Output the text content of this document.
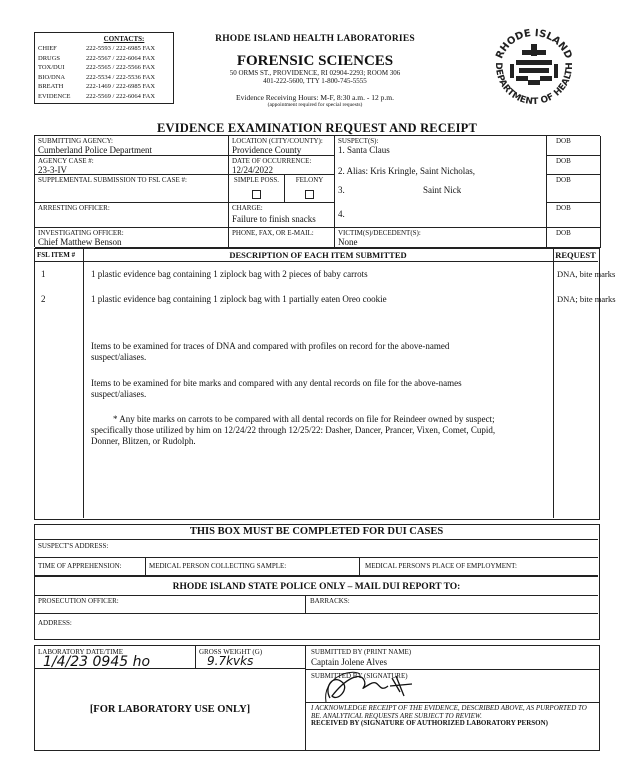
CONTACTS:
CHIEF	222-5593 / 222-6985 FAX
DRUGS	222-5567 / 222-6064 FAX
TOX/DUI	222-5565 / 222-5566 FAX
BIO/DNA	222-5534 / 222-5536 FAX
BREATH	222-1469 / 222-6985 FAX
EVIDENCE	222-5569 / 222-6064 FAX
RHODE ISLAND HEALTH LABORATORIES
FORENSIC SCIENCES
50 ORMS ST., PROVIDENCE, RI 02904-2293; ROOM 306
401-222-5600, TTY 1-800-745-5555
Evidence Receiving Hours: M-F, 8:30 a.m. - 12 p.m.
(appointment required for special requests)
RHODE ISLAND
DEPARTMENT OF HEALTH
EVIDENCE EXAMINATION REQUEST AND RECEIPT
SUBMITTING AGENCY:
Cumberland Police Department
LOCATION (CITY/COUNTY):
Providence County
AGENCY CASE #:
23-3-IV
DATE OF OCCURRENCE:
12/24/2022
SUPPLEMENTAL SUBMISSION TO FSL CASE #:	SIMPLE POSS.	FELONY
ARRESTING OFFICER:	CHARGE:
Failure to finish snacks
INVESTIGATING OFFICER:
Chief Matthew Benson
PHONE, FAX, OR E-MAIL:
SUSPECT(S):
1. Santa Claus
2. Alias: Kris Kringle, Saint Nicholas,
3.	Saint Nick
4.
VICTIM(S)/DECEDENT(S):
None
DOB
DOB
DOB
DOB
DOB
FSL ITEM #	DESCRIPTION OF EACH ITEM SUBMITTED	REQUEST
1	1 plastic evidence bag containing 1 ziplock bag with 2 pieces of baby carrots	DNA, bite marks
2	1 plastic evidence bag containing 1 ziplock bag with 1 partially eaten Oreo cookie	DNA; bite marks
Items to be examined for traces of DNA and compared with profiles on record for the above-named suspect/aliases.
Items to be examined for bite marks and compared with any dental records on file for the above-names suspect/aliases.
* Any bite marks on carrots to be compared with all dental records on file for Reindeer owned by suspect; specifically those utilized by him on 12/24/22 through 12/25/22: Dasher, Dancer, Prancer, Vixen, Comet, Cupid, Donner, Blitzen, or Rudolph.
THIS BOX MUST BE COMPLETED FOR DUI CASES
SUSPECT'S ADDRESS:
TIME OF APPREHENSION:	MEDICAL PERSON COLLECTING SAMPLE:	MEDICAL PERSON'S PLACE OF EMPLOYMENT:
RHODE ISLAND STATE POLICE ONLY – MAIL DUI REPORT TO:
PROSECUTION OFFICER:	BARRACKS:
ADDRESS:
LABORATORY DATE/TIME
1/4/23 0945 ho
GROSS WEIGHT (G)
9.7kvks
[FOR LABORATORY USE ONLY]
SUBMITTED BY (PRINT NAME)
Captain Jolene Alves
SUBMITTED BY (SIGNATURE)
I ACKNOWLEDGE RECEIPT OF THE EVIDENCE, DESCRIBED ABOVE, AS PURPORTED TO BE. ANALYTICAL REQUESTS ARE SUBJECT TO REVIEW.
RECEIVED BY (SIGNATURE OF AUTHORIZED LABORATORY PERSON)
